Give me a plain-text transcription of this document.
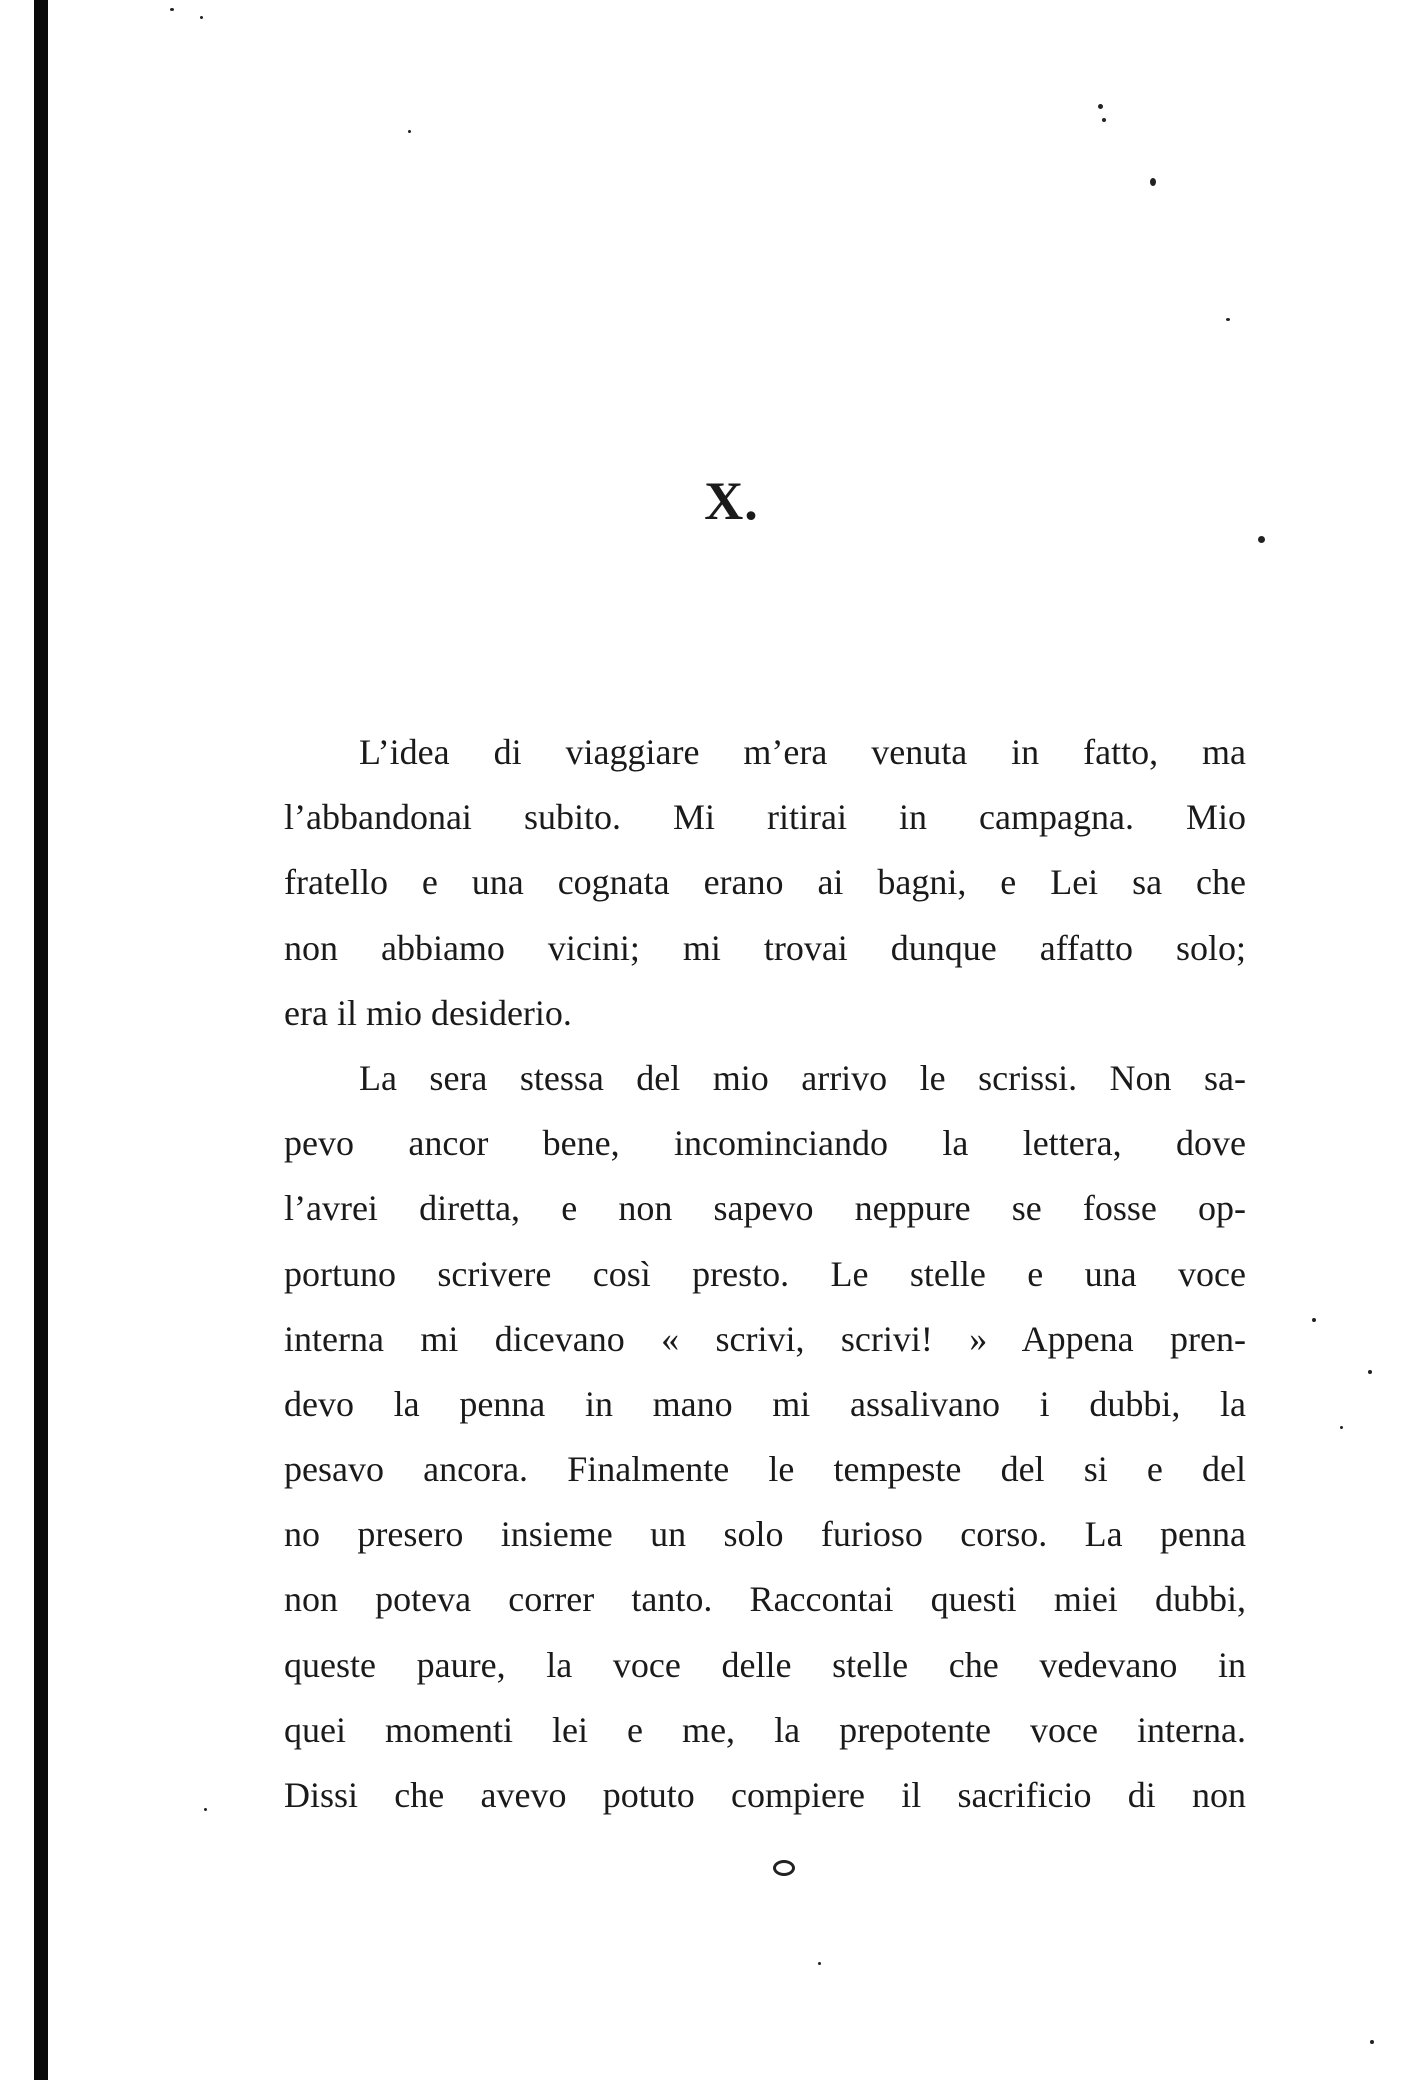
X.
L’idea di viaggiare m’era venuta in fatto, ma
l’abbandonai subito. Mi ritirai in campagna. Mio
fratello e una cognata erano ai bagni, e Lei sa che
non abbiamo vicini; mi trovai dunque affatto solo;
era il mio desiderio.
La sera stessa del mio arrivo le scrissi. Non sa-
pevo ancor bene, incominciando la lettera, dove
l’avrei diretta, e non sapevo neppure se fosse op-
portuno scrivere così presto. Le stelle e una voce
interna mi dicevano « scrivi, scrivi! » Appena pren-
devo la penna in mano mi assalivano i dubbi, la
pesavo ancora. Finalmente le tempeste del si e del
no presero insieme un solo furioso corso. La penna
non poteva correr tanto. Raccontai questi miei dubbi,
queste paure, la voce delle stelle che vedevano in
quei momenti lei e me, la prepotente voce interna.
Dissi che avevo potuto compiere il sacrificio di non
